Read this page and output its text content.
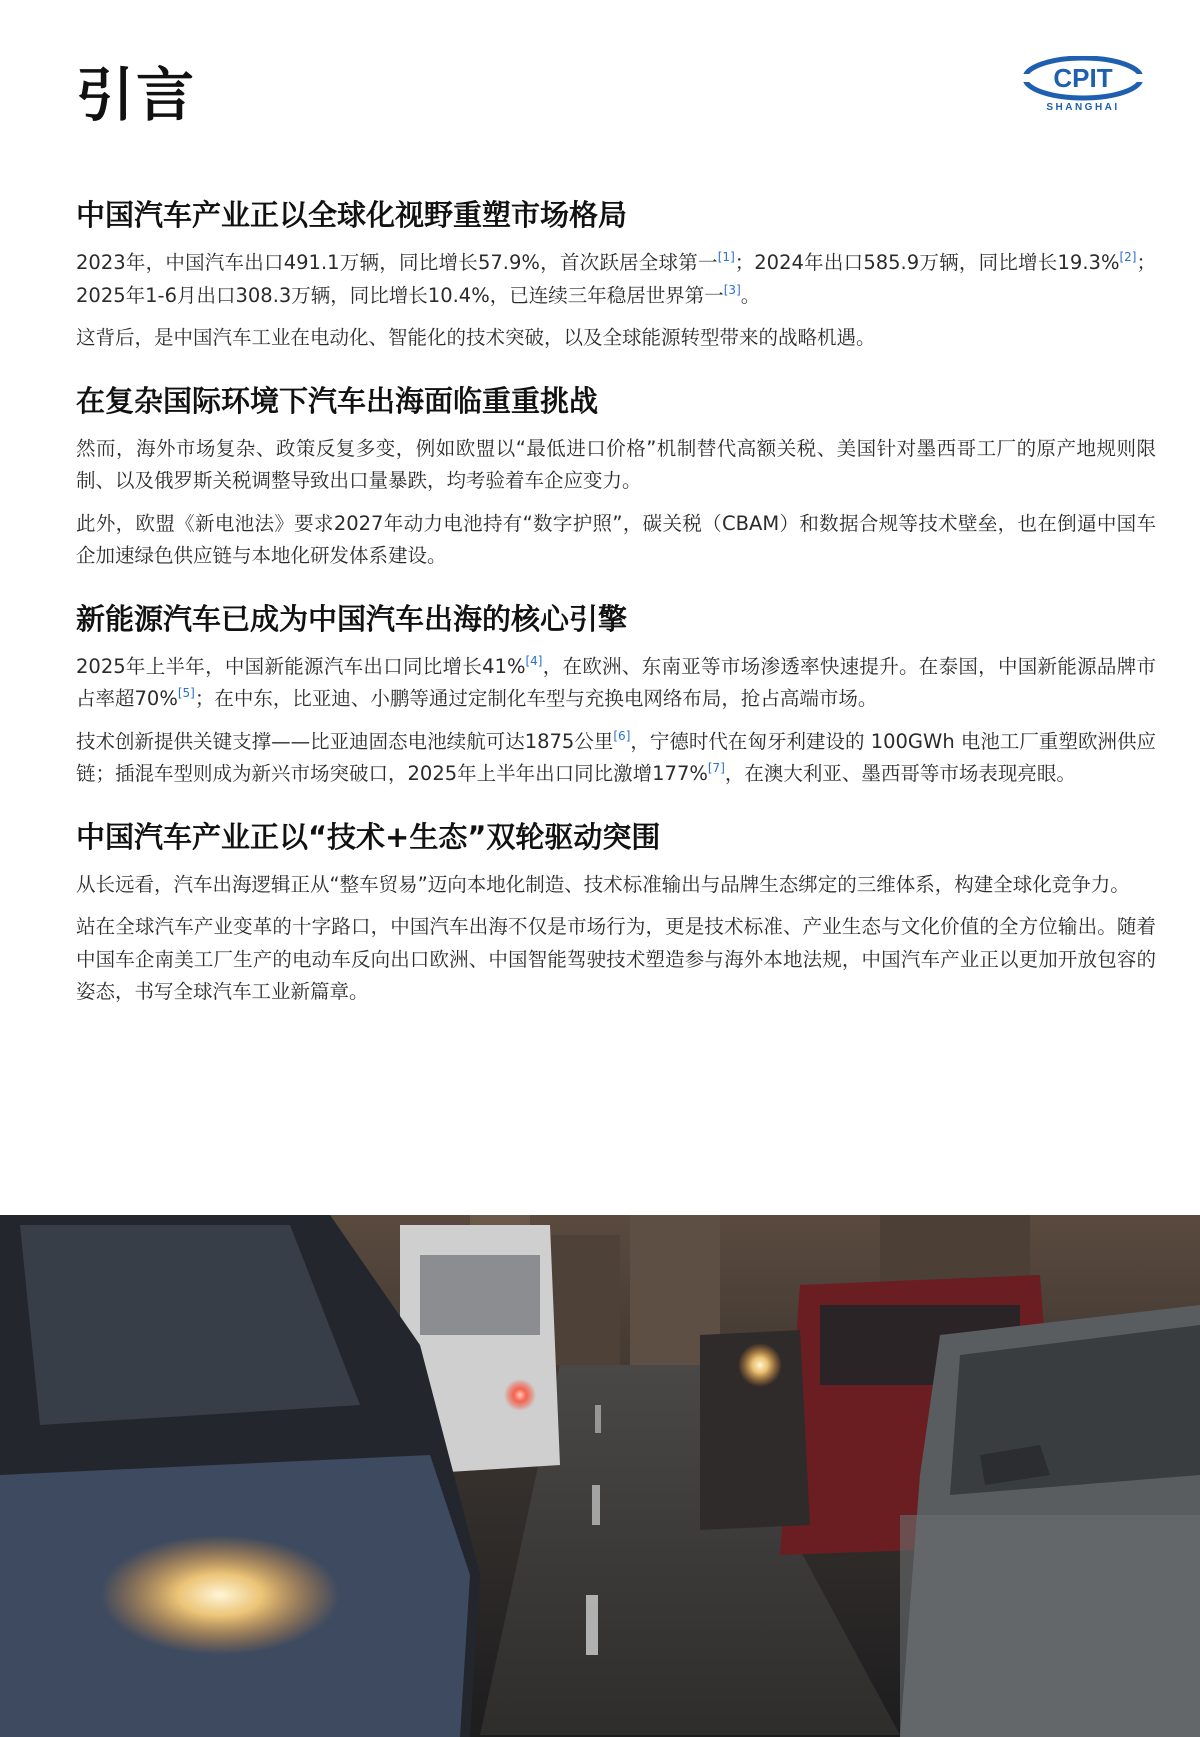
引言	CPIT
SHANGHAI
中国汽车产业正以全球化视野重塑市场格局

2023年，中国汽车出口491.1万辆，同比增长57.9%，首次跃居全球第一[1]；2024年出口585.9万辆，同比增长19.3%[2]；2025年1-6月出口308.3万辆，同比增长10.4%，已连续三年稳居世界第一[3]。

这背后，是中国汽车工业在电动化、智能化的技术突破，以及全球能源转型带来的战略机遇。

在复杂国际环境下汽车出海面临重重挑战

然而，海外市场复杂、政策反复多变，例如欧盟以“最低进口价格”机制替代高额关税、美国针对墨西哥工厂的原产地规则限制、以及俄罗斯关税调整导致出口量暴跌，均考验着车企应变力。

此外，欧盟《新电池法》要求2027年动力电池持有“数字护照”，碳关税（CBAM）和数据合规等技术壁垒，也在倒逼中国车企加速绿色供应链与本地化研发体系建设。

新能源汽车已成为中国汽车出海的核心引擎

2025年上半年，中国新能源汽车出口同比增长41%[4]，在欧洲、东南亚等市场渗透率快速提升。在泰国，中国新能源品牌市占率超70%[5]；在中东，比亚迪、小鹏等通过定制化车型与充换电网络布局，抢占高端市场。

技术创新提供关键支撑——比亚迪固态电池续航可达1875公里[6]，宁德时代在匈牙利建设的 100GWh 电池工厂重塑欧洲供应链；插混车型则成为新兴市场突破口，2025年上半年出口同比激增177%[7]，在澳大利亚、墨西哥等市场表现亮眼。

中国汽车产业正以“技术+生态”双轮驱动突围

从长远看，汽车出海逻辑正从“整车贸易”迈向本地化制造、技术标准输出与品牌生态绑定的三维体系，构建全球化竞争力。

站在全球汽车产业变革的十字路口，中国汽车出海不仅是市场行为，更是技术标准、产业生态与文化价值的全方位输出。随着中国车企南美工厂生产的电动车反向出口欧洲、中国智能驾驶技术塑造参与海外本地法规，中国汽车产业正以更加开放包容的姿态，书写全球汽车工业新篇章。
